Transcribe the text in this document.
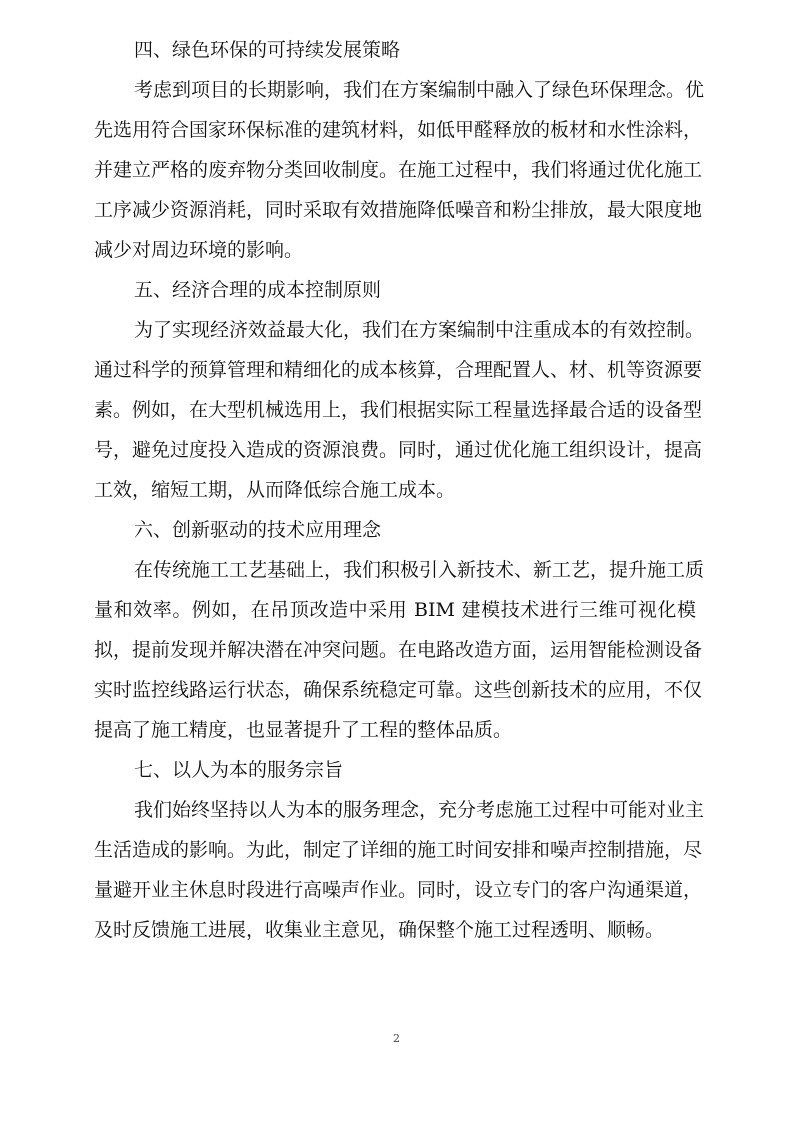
四、绿色环保的可持续发展策略
考虑到项目的长期影响，我们在方案编制中融入了绿色环保理念。优
先选用符合国家环保标准的建筑材料，如低甲醛释放的板材和水性涂料，
并建立严格的废弃物分类回收制度。在施工过程中，我们将通过优化施工
工序减少资源消耗，同时采取有效措施降低噪音和粉尘排放，最大限度地
减少对周边环境的影响。
五、经济合理的成本控制原则
为了实现经济效益最大化，我们在方案编制中注重成本的有效控制。
通过科学的预算管理和精细化的成本核算，合理配置人、材、机等资源要
素。例如，在大型机械选用上，我们根据实际工程量选择最合适的设备型
号，避免过度投入造成的资源浪费。同时，通过优化施工组织设计，提高
工效，缩短工期，从而降低综合施工成本。
六、创新驱动的技术应用理念
在传统施工工艺基础上，我们积极引入新技术、新工艺，提升施工质
量和效率。例如，在吊顶改造中采用 BIM 建模技术进行三维可视化模
拟，提前发现并解决潜在冲突问题。在电路改造方面，运用智能检测设备
实时监控线路运行状态，确保系统稳定可靠。这些创新技术的应用，不仅
提高了施工精度，也显著提升了工程的整体品质。
七、以人为本的服务宗旨
我们始终坚持以人为本的服务理念，充分考虑施工过程中可能对业主
生活造成的影响。为此，制定了详细的施工时间安排和噪声控制措施，尽
量避开业主休息时段进行高噪声作业。同时，设立专门的客户沟通渠道，
及时反馈施工进展，收集业主意见，确保整个施工过程透明、顺畅。
2
